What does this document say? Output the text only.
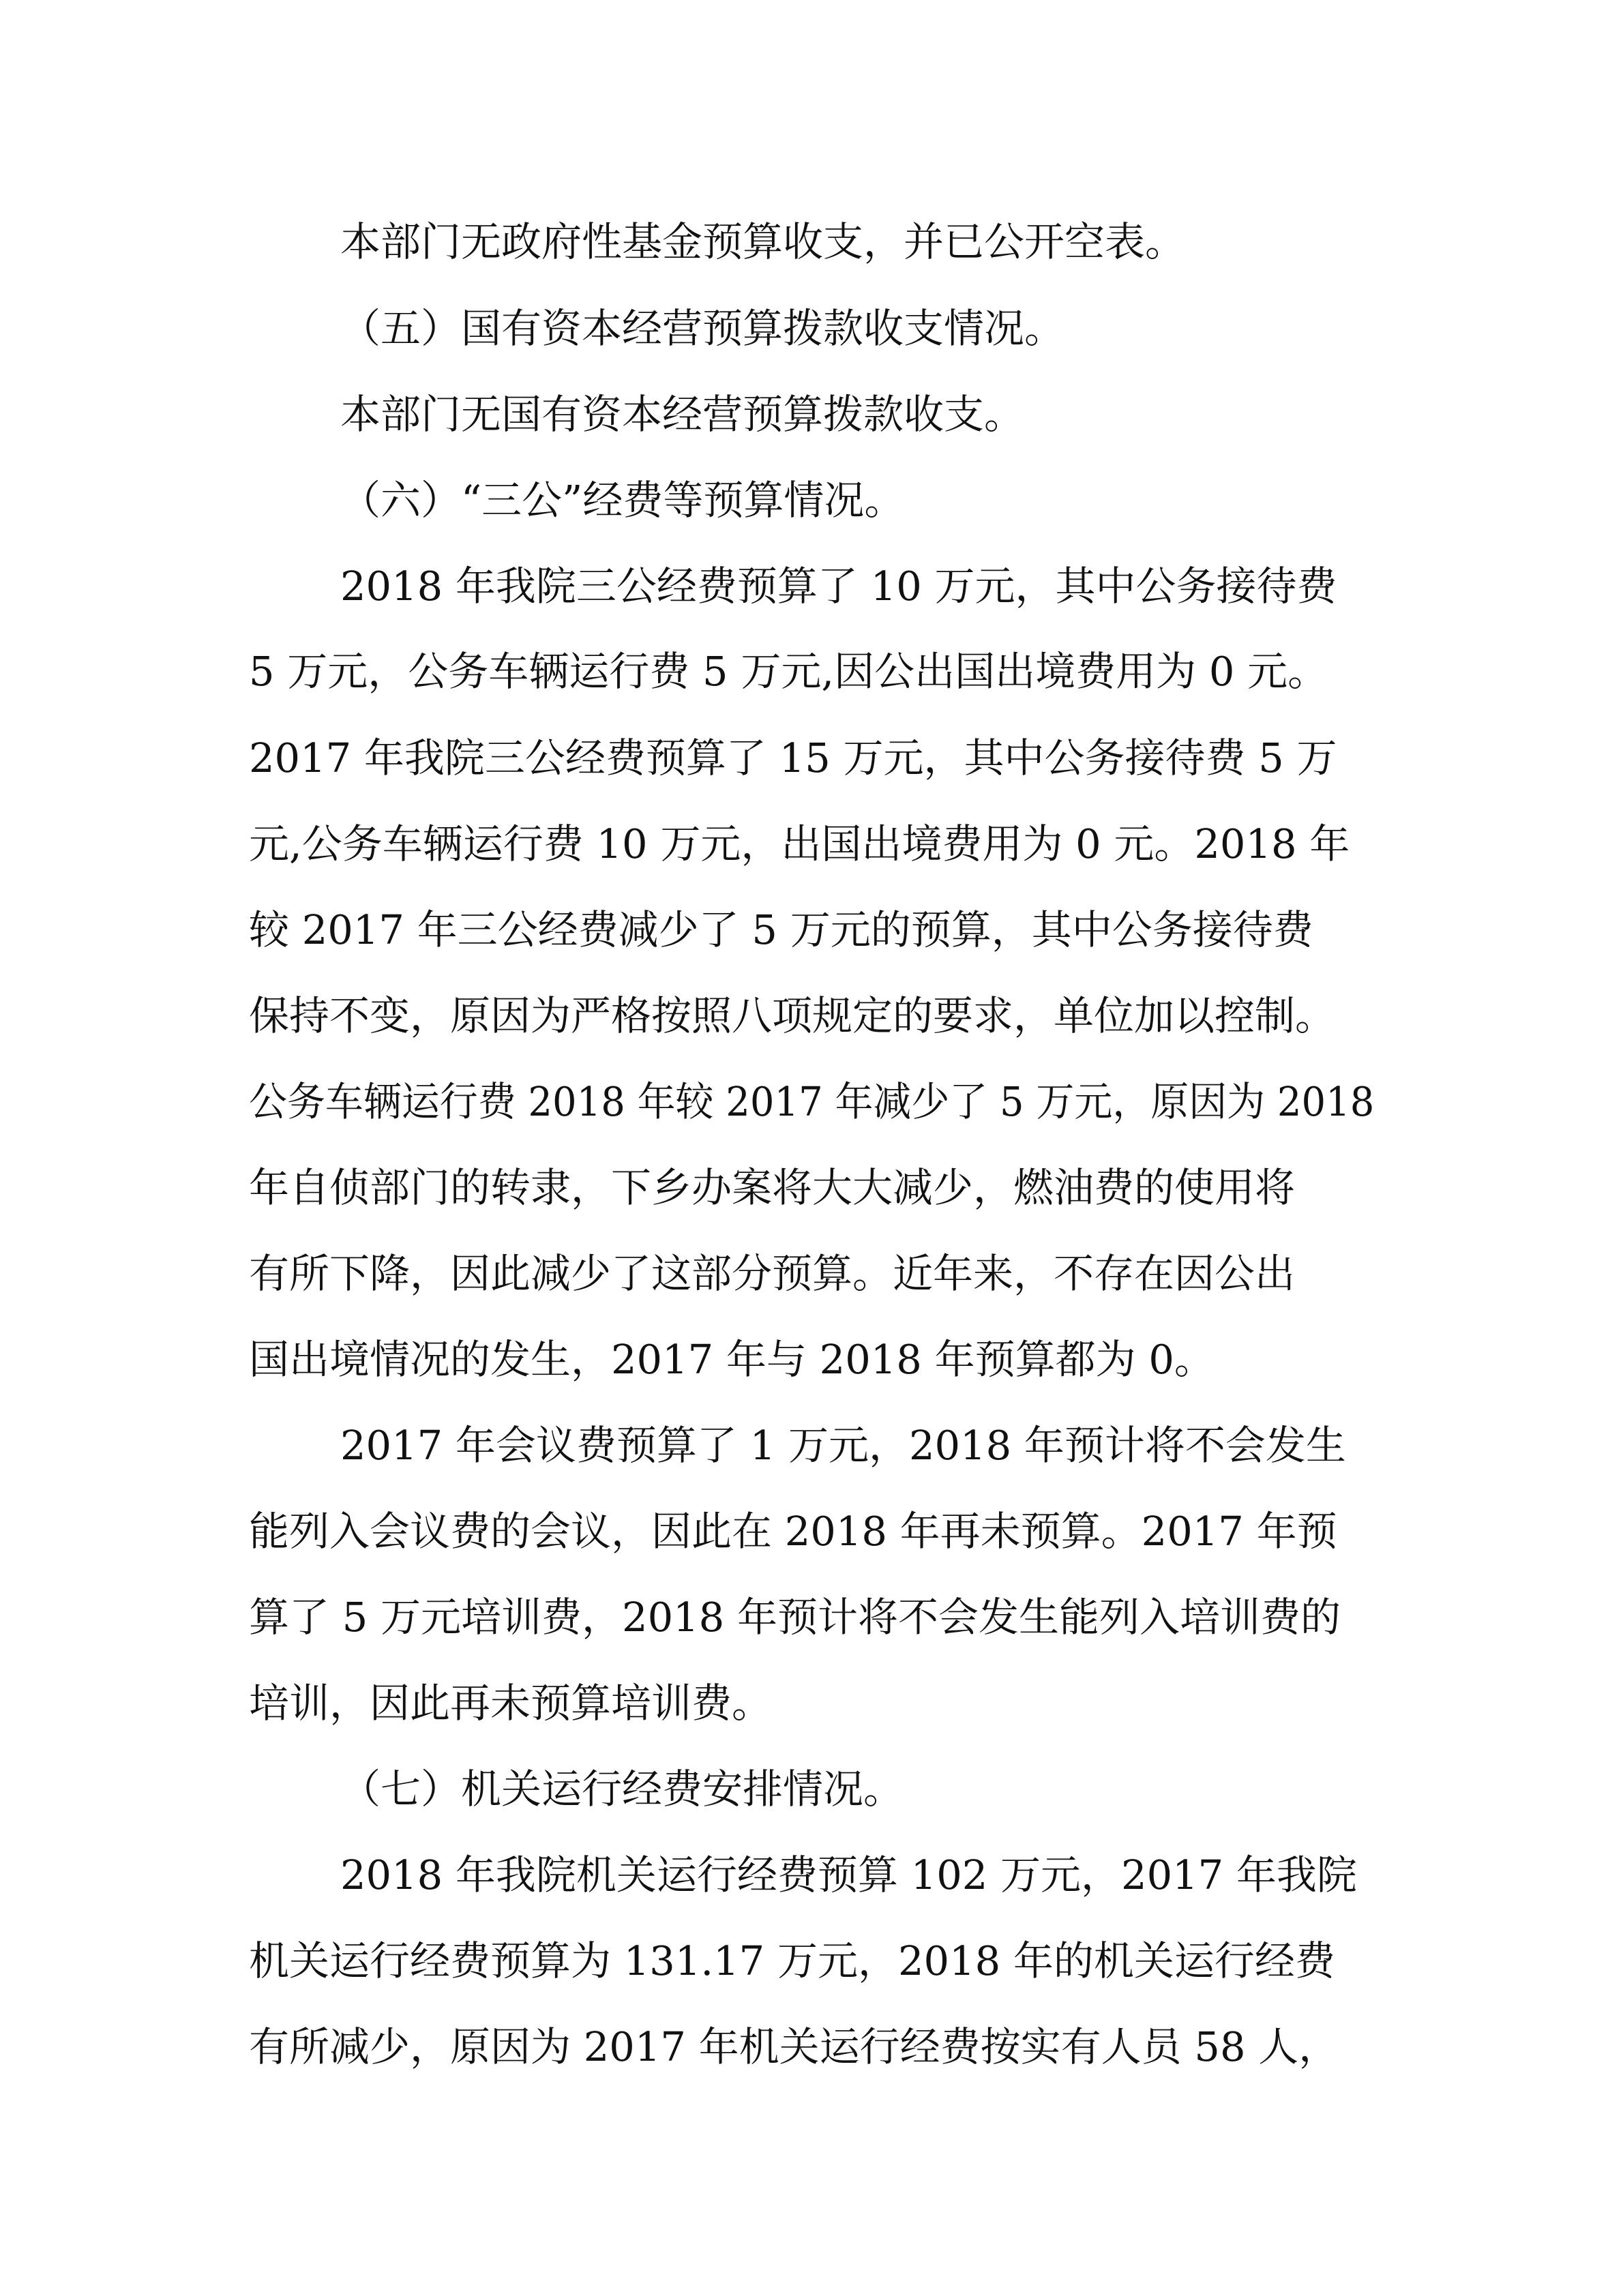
本部门无政府性基金预算收支，并已公开空表。
（五）国有资本经营预算拨款收支情况。
本部门无国有资本经营预算拨款收支。
（六）“三公”经费等预算情况。
2018 年我院三公经费预算了 10 万元，其中公务接待费
5 万元，公务车辆运行费 5 万元,因公出国出境费用为 0 元。
2017 年我院三公经费预算了 15 万元，其中公务接待费 5 万
元,公务车辆运行费 10 万元，出国出境费用为 0 元。2018 年
较 2017 年三公经费减少了 5 万元的预算，其中公务接待费
保持不变，原因为严格按照八项规定的要求，单位加以控制。
公务车辆运行费 2018 年较 2017 年减少了 5 万元，原因为 2018
年自侦部门的转隶，下乡办案将大大减少，燃油费的使用将
有所下降，因此减少了这部分预算。近年来，不存在因公出
国出境情况的发生，2017 年与 2018 年预算都为 0。
2017 年会议费预算了 1 万元，2018 年预计将不会发生
能列入会议费的会议，因此在 2018 年再未预算。2017 年预
算了 5 万元培训费，2018 年预计将不会发生能列入培训费的
培训，因此再未预算培训费。
（七）机关运行经费安排情况。
2018 年我院机关运行经费预算 102 万元，2017 年我院
机关运行经费预算为 131.17 万元，2018 年的机关运行经费
有所减少，原因为 2017 年机关运行经费按实有人员 58 人，
